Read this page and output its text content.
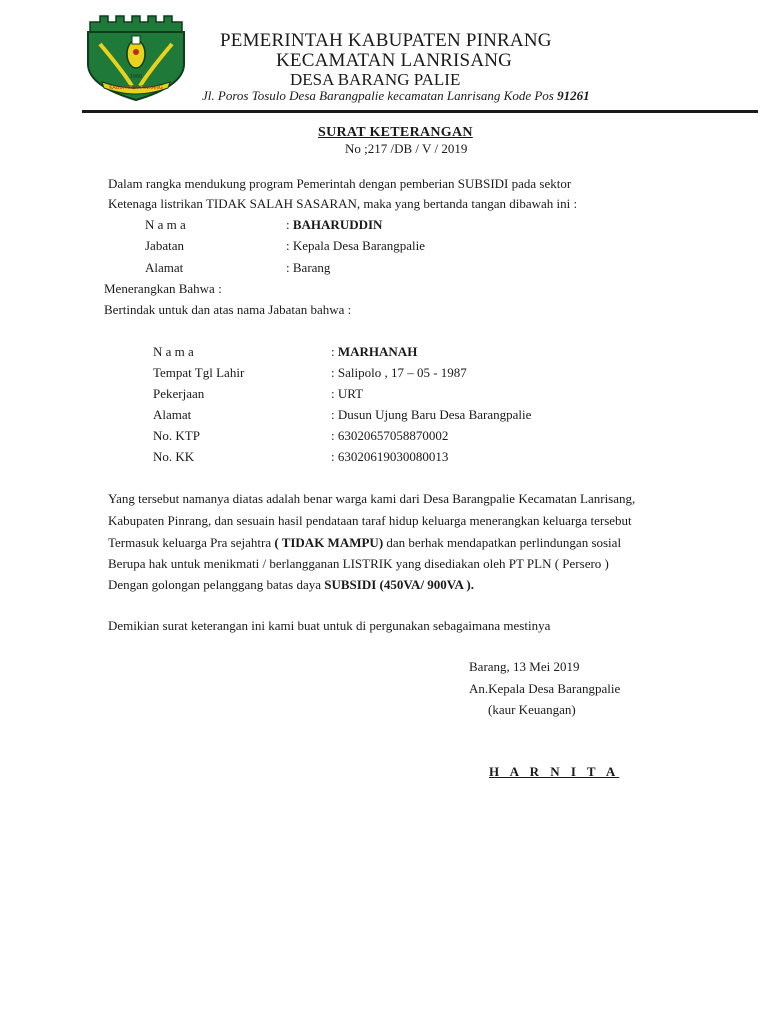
KABUPATEN PINRANG
1960
PEMERINTAH KABUPATEN PINRANG
KECAMATAN LANRISANG
DESA BARANG PALIE
Jl. Poros Tosulo Desa Barangpalie kecamatan Lanrisang Kode Pos 91261
SURAT KETERANGAN
No ;217 /DB / V / 2019
Dalam rangka mendukung program Pemerintah dengan pemberian SUBSIDI pada sektor
Ketenaga listrikan TIDAK SALAH SASARAN, maka yang bertanda tangan dibawah ini :
N a m a	: BAHARUDDIN
Jabatan	: Kepala Desa Barangpalie
Alamat	: Barang
Menerangkan Bahwa :
Bertindak untuk dan atas nama Jabatan bahwa :
N a m a	: MARHANAH
Tempat Tgl Lahir	: Salipolo , 17 – 05 - 1987
Pekerjaan	: URT
Alamat	: Dusun Ujung Baru Desa Barangpalie
No. KTP	: 63020657058870002
No. KK	: 63020619030080013
Yang tersebut namanya diatas adalah benar warga kami dari Desa Barangpalie Kecamatan Lanrisang,
Kabupaten Pinrang, dan sesuain hasil pendataan taraf hidup keluarga menerangkan keluarga tersebut
Termasuk keluarga Pra sejahtra ( TIDAK MAMPU) dan berhak mendapatkan perlindungan sosial
Berupa hak untuk menikmati / berlangganan LISTRIK yang disediakan oleh PT PLN ( Persero )
Dengan golongan pelanggang batas daya SUBSIDI (450VA/ 900VA ).
Demikian surat keterangan ini kami buat untuk di pergunakan sebagaimana mestinya
Barang, 13 Mei 2019
An.Kepala Desa Barangpalie
(kaur Keuangan)
H A R N I T A
